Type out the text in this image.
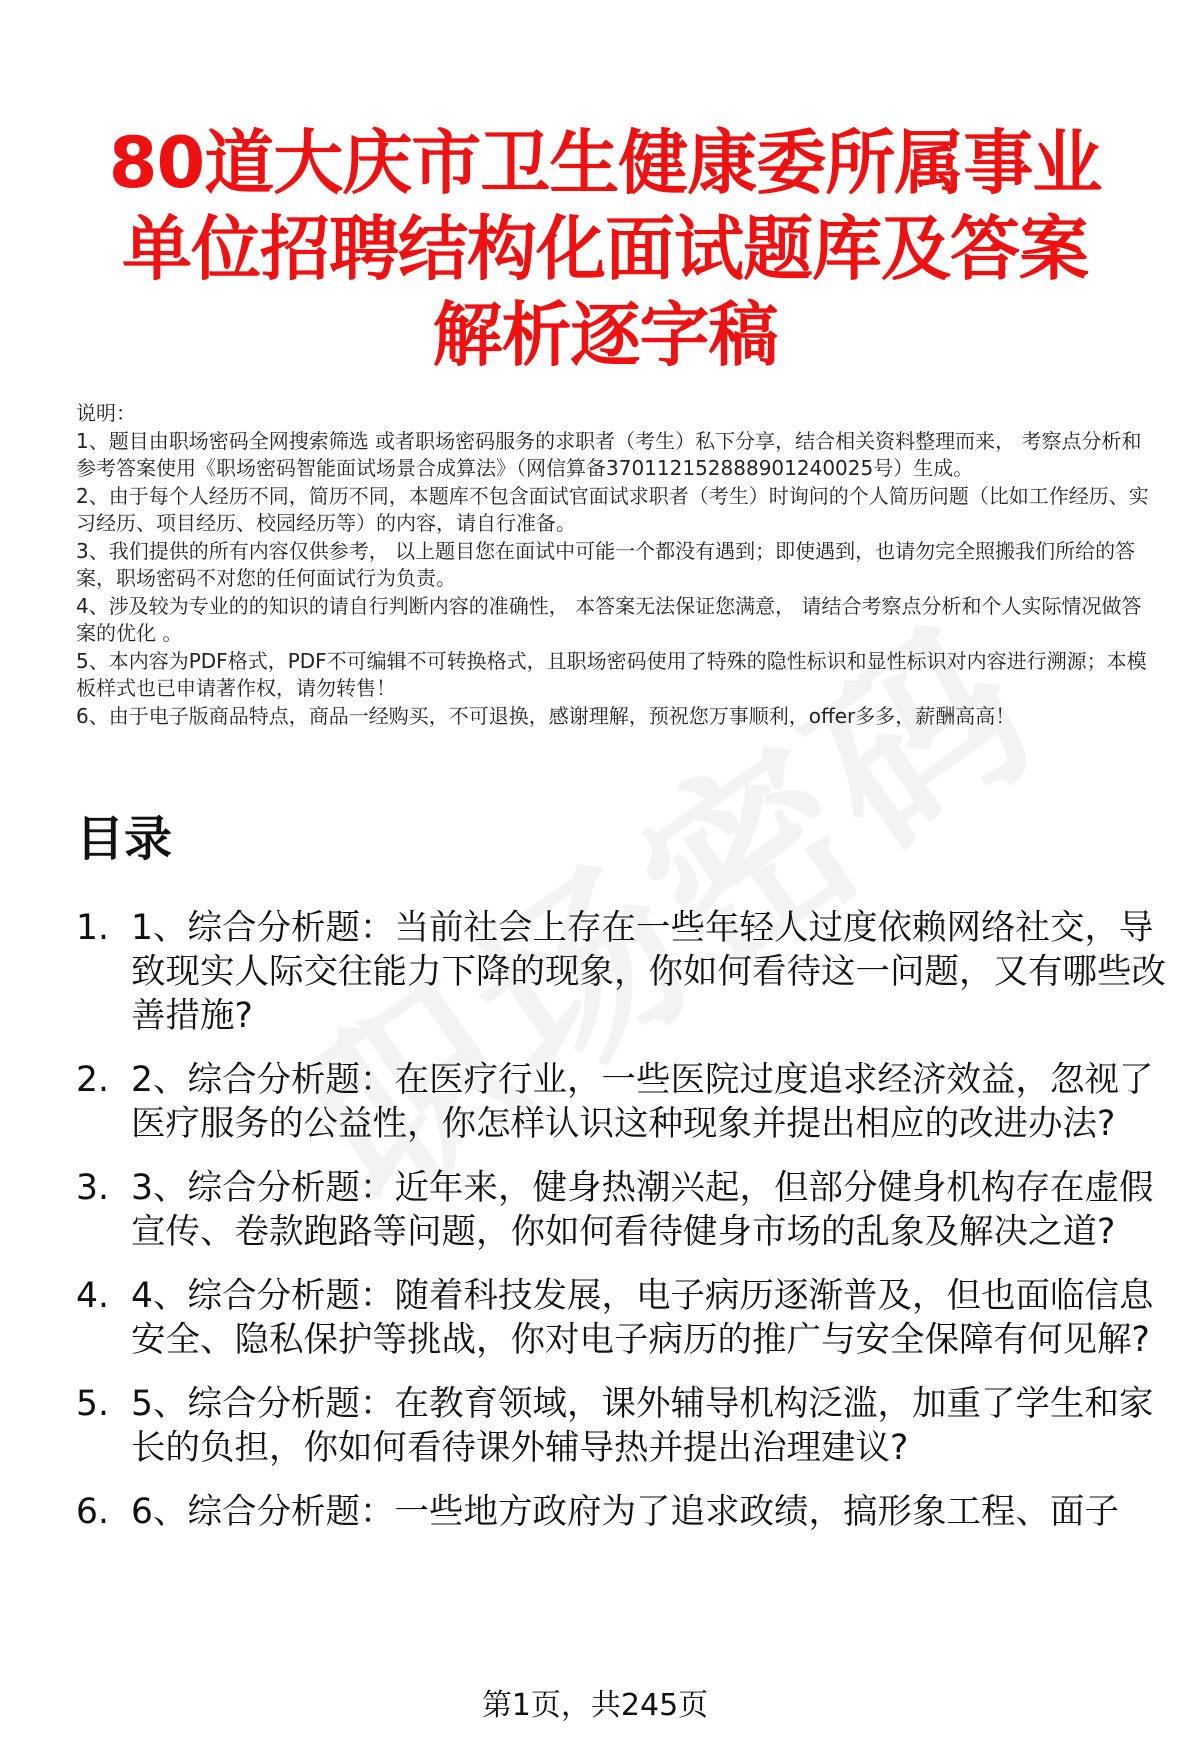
80道大庆市卫生健康委所属事业单位招聘结构化面试题库及答案解析逐字稿

说明：

1、题目由职场密码全网搜索筛选 或者职场密码服务的求职者（考生）私下分享，结合相关资料整理而来， 考察点分析和参考答案使用《职场密码智能面试场景合成算法》（网信算备370112152888901240025号）生成。

2、由于每个人经历不同，简历不同，本题库不包含面试官面试求职者（考生）时询问的个人简历问题（比如工作经历、实习经历、项目经历、校园经历等）的内容，请自行准备。

3、我们提供的所有内容仅供参考， 以上题目您在面试中可能一个都没有遇到；即使遇到，也请勿完全照搬我们所给的答案，职场密码不对您的任何面试行为负责。

4、涉及较为专业的的知识的请自行判断内容的准确性， 本答案无法保证您满意， 请结合考察点分析和个人实际情况做答案的优化 。

5、本内容为PDF格式，PDF不可编辑不可转换格式，且职场密码使用了特殊的隐性标识和显性标识对内容进行溯源；本模板样式也已申请著作权，请勿转售！

6、由于电子版商品特点，商品一经购买，不可退换，感谢理解，预祝您万事顺利，offer多多，薪酬高高！

目录
1. 1、综合分析题：当前社会上存在一些年轻人过度依赖网络社交，导致现实人际交往能力下降的现象，你如何看待这一问题，又有哪些改善措施?
2. 2、综合分析题：在医疗行业，一些医院过度追求经济效益，忽视了医疗服务的公益性，你怎样认识这种现象并提出相应的改进办法?
3. 3、综合分析题：近年来，健身热潮兴起，但部分健身机构存在虚假宣传、卷款跑路等问题，你如何看待健身市场的乱象及解决之道?
4. 4、综合分析题：随着科技发展，电子病历逐渐普及，但也面临信息安全、隐私保护等挑战，你对电子病历的推广与安全保障有何见解?
5. 5、综合分析题：在教育领域，课外辅导机构泛滥，加重了学生和家长的负担，你如何看待课外辅导热并提出治理建议?
6. 6、综合分析题：一些地方政府为了追求政绩，搞形象工程、面子
第1页，共245页
